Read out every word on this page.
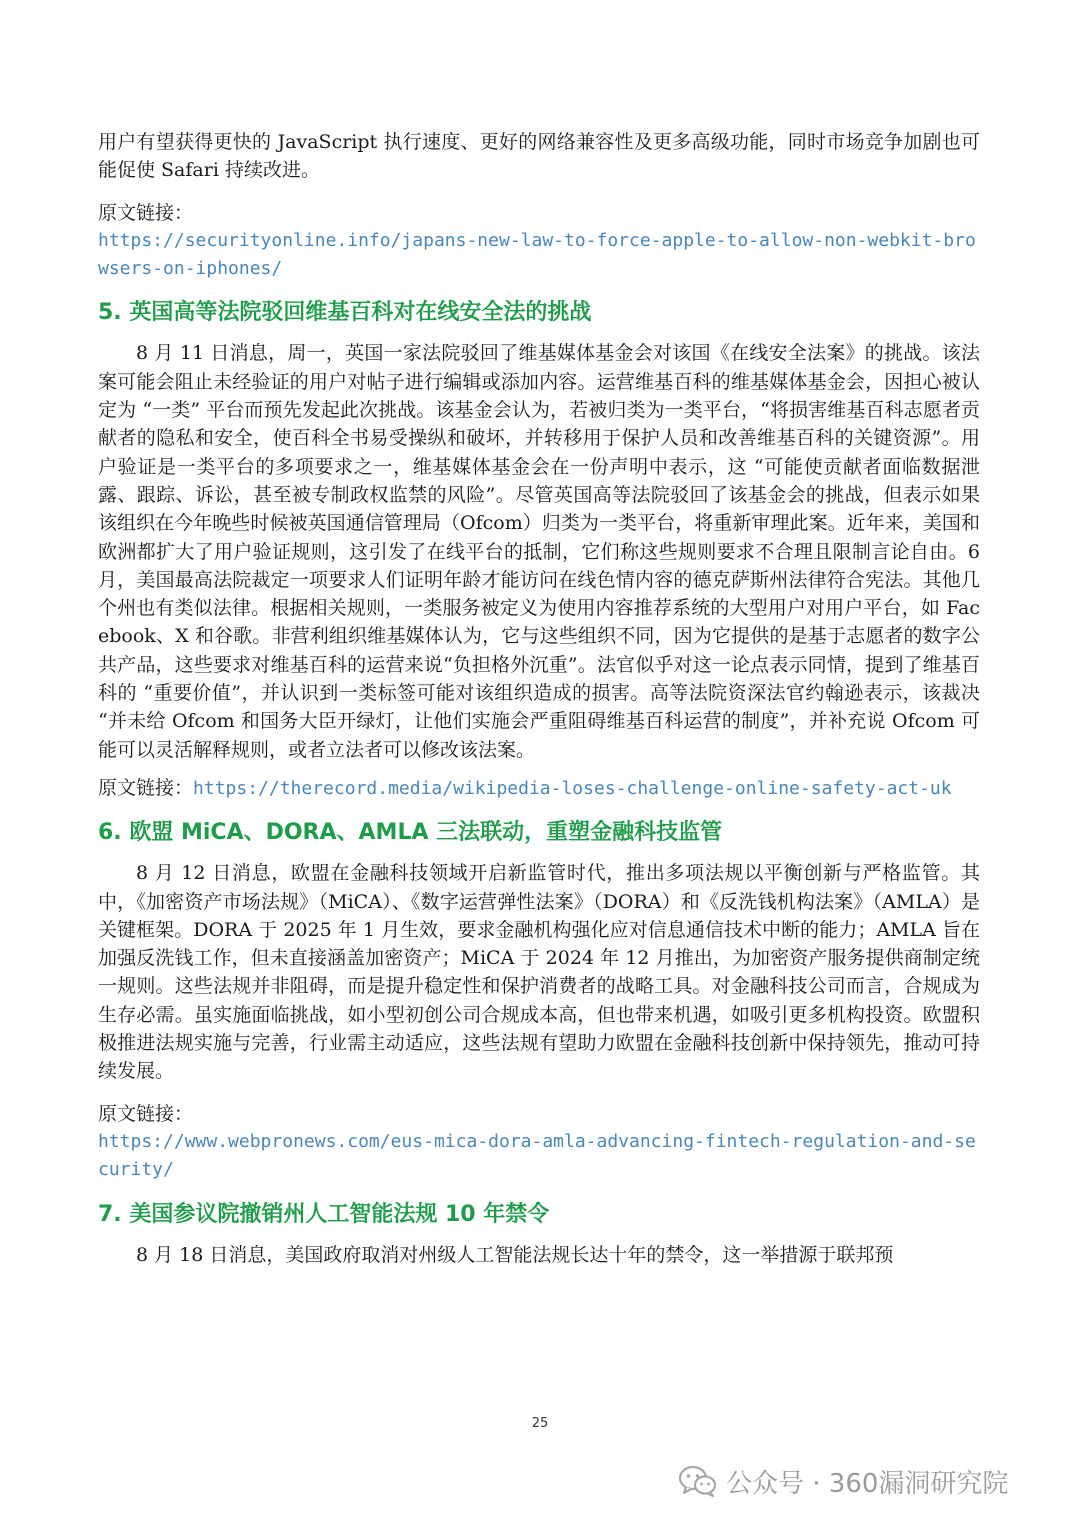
用户有望获得更快的 JavaScript 执行速度、更好的网络兼容性及更多高级功能，同时市场竞争加剧也可能促使 Safari 持续改进。

原文链接：

https://securityonline.info/japans-new-law-to-force-apple-to-allow-non-webkit-browsers-on-iphones/

5. 英国高等法院驳回维基百科对在线安全法的挑战

8 月 11 日消息，周一，英国一家法院驳回了维基媒体基金会对该国《在线安全法案》的挑战。该法案可能会阻止未经验证的用户对帖子进行编辑或添加内容。运营维基百科的维基媒体基金会，因担心被认定为 “一类” 平台而预先发起此次挑战。该基金会认为，若被归类为一类平台，“将损害维基百科志愿者贡献者的隐私和安全，使百科全书易受操纵和破坏，并转移用于保护人员和改善维基百科的关键资源”。用户验证是一类平台的多项要求之一，维基媒体基金会在一份声明中表示，这 “可能使贡献者面临数据泄露、跟踪、诉讼，甚至被专制政权监禁的风险”。尽管英国高等法院驳回了该基金会的挑战，但表示如果该组织在今年晚些时候被英国通信管理局（Ofcom）归类为一类平台，将重新审理此案。近年来，美国和欧洲都扩大了用户验证规则，这引发了在线平台的抵制，它们称这些规则要求不合理且限制言论自由。6 月，美国最高法院裁定一项要求人们证明年龄才能访问在线色情内容的德克萨斯州法律符合宪法。其他几个州也有类似法律。根据相关规则，一类服务被定义为使用内容推荐系统的大型用户对用户平台，如 Facebook、X 和谷歌。非营利组织维基媒体认为，它与这些组织不同，因为它提供的是基于志愿者的数字公共产品，这些要求对维基百科的运营来说“负担格外沉重”。法官似乎对这一论点表示同情，提到了维基百科的 “重要价值”，并认识到一类标签可能对该组织造成的损害。高等法院资深法官约翰逊表示，该裁决 “并未给 Ofcom 和国务大臣开绿灯，让他们实施会严重阻碍维基百科运营的制度”，并补充说 Ofcom 可能可以灵活解释规则，或者立法者可以修改该法案。

原文链接：https://therecord.media/wikipedia-loses-challenge-online-safety-act-uk

6. 欧盟 MiCA、DORA、AMLA 三法联动，重塑金融科技监管

8 月 12 日消息，欧盟在金融科技领域开启新监管时代，推出多项法规以平衡创新与严格监管。其中，《加密资产市场法规》（MiCA）、《数字运营弹性法案》（DORA）和《反洗钱机构法案》（AMLA）是关键框架。DORA 于 2025 年 1 月生效，要求金融机构强化应对信息通信技术中断的能力；AMLA 旨在加强反洗钱工作，但未直接涵盖加密资产；MiCA 于 2024 年 12 月推出，为加密资产服务提供商制定统一规则。这些法规并非阻碍，而是提升稳定性和保护消费者的战略工具。对金融科技公司而言，合规成为生存必需。虽实施面临挑战，如小型初创公司合规成本高，但也带来机遇，如吸引更多机构投资。欧盟积极推进法规实施与完善，行业需主动适应，这些法规有望助力欧盟在金融科技创新中保持领先，推动可持续发展。

原文链接：

https://www.webpronews.com/eus-mica-dora-amla-advancing-fintech-regulation-and-security/

7. 美国参议院撤销州人工智能法规 10 年禁令

8 月 18 日消息，美国政府取消对州级人工智能法规长达十年的禁令，这一举措源于联邦预

25
公众号 · 360漏洞研究院
